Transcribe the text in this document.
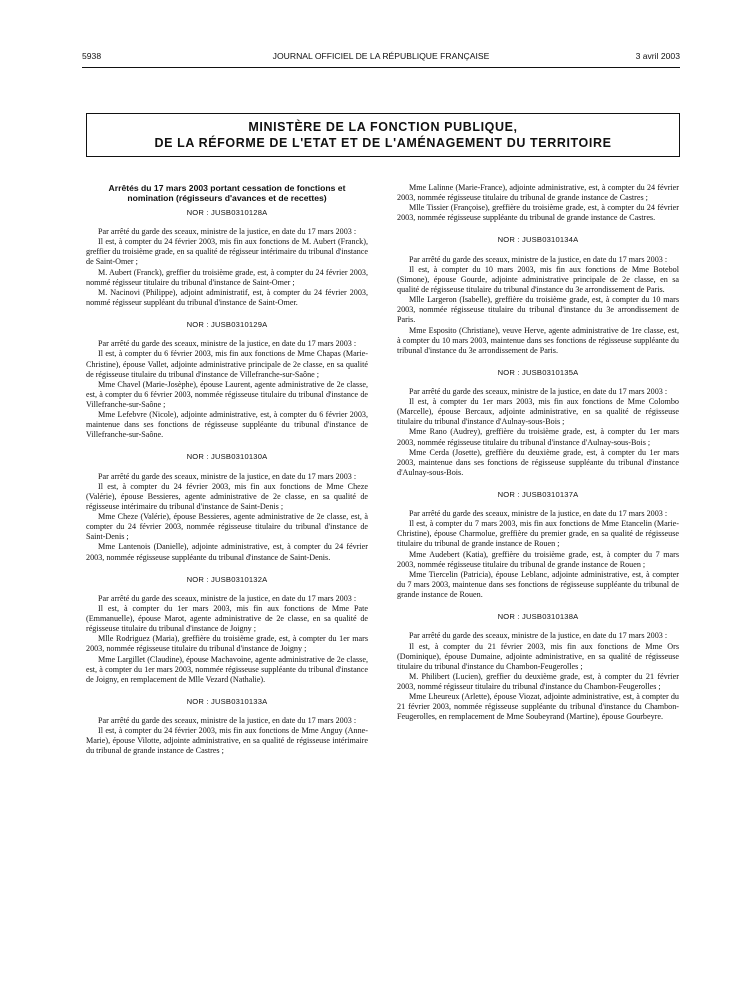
5938	JOURNAL OFFICIEL DE LA RÉPUBLIQUE FRANÇAISE	3 avril 2003
MINISTÈRE DE LA FONCTION PUBLIQUE,
DE LA RÉFORME DE L'ETAT ET DE L'AMÉNAGEMENT DU TERRITOIRE
Arrêtés du 17 mars 2003 portant cessation de fonctions et nomination (régisseurs d'avances et de recettes)
NOR : JUSB0310128A

Par arrêté du garde des sceaux, ministre de la justice, en date du 17 mars 2003 :

Il est, à compter du 24 février 2003, mis fin aux fonctions de M. Aubert (Franck), greffier du troisième grade, en sa qualité de régisseur intérimaire du tribunal d'instance de Saint-Omer ;

M. Aubert (Franck), greffier du troisième grade, est, à compter du 24 février 2003, nommé régisseur titulaire du tribunal d'instance de Saint-Omer ;

M. Nacinovi (Philippe), adjoint administratif, est, à compter du 24 février 2003, nommé régisseur suppléant du tribunal d'instance de Saint-Omer.

NOR : JUSB0310129A

Par arrêté du garde des sceaux, ministre de la justice, en date du 17 mars 2003 :

Il est, à compter du 6 février 2003, mis fin aux fonctions de Mme Chapas (Marie-Christine), épouse Vallet, adjointe administrative principale de 2e classe, en sa qualité de régisseuse titulaire du tribunal d'instance de Villefranche-sur-Saône ;

Mme Chavel (Marie-Josèphe), épouse Laurent, agente administrative de 2e classe, est, à compter du 6 février 2003, nommée régisseuse titulaire du tribunal d'instance de Villefranche-sur-Saône ;

Mme Lefebvre (Nicole), adjointe administrative, est, à compter du 6 février 2003, maintenue dans ses fonctions de régisseuse suppléante du tribunal d'instance de Villefranche-sur-Saône.

NOR : JUSB0310130A

Par arrêté du garde des sceaux, ministre de la justice, en date du 17 mars 2003 :

Il est, à compter du 24 février 2003, mis fin aux fonctions de Mme Cheze (Valérie), épouse Bessieres, agente administrative de 2e classe, en sa qualité de régisseuse intérimaire du tribunal d'instance de Saint-Denis ;

Mme Cheze (Valérie), épouse Bessieres, agente administrative de 2e classe, est, à compter du 24 février 2003, nommée régisseuse titulaire du tribunal d'instance de Saint-Denis ;

Mme Lantenois (Danielle), adjointe administrative, est, à compter du 24 février 2003, nommée régisseuse suppléante du tribunal d'instance de Saint-Denis.

NOR : JUSB0310132A

Par arrêté du garde des sceaux, ministre de la justice, en date du 17 mars 2003 :

Il est, à compter du 1er mars 2003, mis fin aux fonctions de Mme Pate (Emmanuelle), épouse Marot, agente administrative de 2e classe, en sa qualité de régisseuse titulaire du tribunal d'instance de Joigny ;

Mlle Rodriguez (Maria), greffière du troisième grade, est, à compter du 1er mars 2003, nommée régisseuse titulaire du tribunal d'instance de Joigny ;

Mme Largillet (Claudine), épouse Machavoine, agente administrative de 2e classe, est, à compter du 1er mars 2003, nommée régisseuse suppléante du tribunal d'instance de Joigny, en remplacement de Mlle Vezard (Nathalie).

NOR : JUSB0310133A

Par arrêté du garde des sceaux, ministre de la justice, en date du 17 mars 2003 :

Il est, à compter du 24 février 2003, mis fin aux fonctions de Mme Anguy (Anne-Marie), épouse Vilotte, adjointe administrative, en sa qualité de régisseuse intérimaire du tribunal de grande instance de Castres ;

Mme Lalinne (Marie-France), adjointe administrative, est, à compter du 24 février 2003, nommée régisseuse titulaire du tribunal de grande instance de Castres ;

Mlle Tissier (Françoise), greffière du troisième grade, est, à compter du 24 février 2003, nommée régisseuse suppléante du tribunal de grande instance de Castres.

NOR : JUSB0310134A

Par arrêté du garde des sceaux, ministre de la justice, en date du 17 mars 2003 :

Il est, à compter du 10 mars 2003, mis fin aux fonctions de Mme Botebol (Simone), épouse Gourde, adjointe administrative principale de 2e classe, en sa qualité de régisseuse titulaire du tribunal d'instance du 3e arrondissement de Paris.

Mlle Largeron (Isabelle), greffière du troisième grade, est, à compter du 10 mars 2003, nommée régisseuse titulaire du tribunal d'instance du 3e arrondissement de Paris.

Mme Esposito (Christiane), veuve Herve, agente administrative de 1re classe, est, à compter du 10 mars 2003, maintenue dans ses fonctions de régisseuse suppléante du tribunal d'instance du 3e arrondissement de Paris.

NOR : JUSB0310135A

Par arrêté du garde des sceaux, ministre de la justice, en date du 17 mars 2003 :

Il est, à compter du 1er mars 2003, mis fin aux fonctions de Mme Colombo (Marcelle), épouse Bercaux, adjointe administrative, en sa qualité de régisseuse titulaire du tribunal d'instance d'Aulnay-sous-Bois ;

Mme Rano (Audrey), greffière du troisième grade, est, à compter du 1er mars 2003, nommée régisseuse titulaire du tribunal d'instance d'Aulnay-sous-Bois ;

Mme Cerda (Josette), greffière du deuxième grade, est, à compter du 1er mars 2003, maintenue dans ses fonctions de régisseuse suppléante du tribunal d'instance d'Aulnay-sous-Bois.

NOR : JUSB0310137A

Par arrêté du garde des sceaux, ministre de la justice, en date du 17 mars 2003 :

Il est, à compter du 7 mars 2003, mis fin aux fonctions de Mme Etancelin (Marie-Christine), épouse Charmolue, greffière du premier grade, en sa qualité de régisseuse titulaire du tribunal de grande instance de Rouen ;

Mme Audebert (Katia), greffière du troisième grade, est, à compter du 7 mars 2003, nommée régisseuse titulaire du tribunal de grande instance de Rouen ;

Mme Tiercelin (Patricia), épouse Leblanc, adjointe administrative, est, à compter du 7 mars 2003, maintenue dans ses fonctions de régisseuse suppléante du tribunal de grande instance de Rouen.

NOR : JUSB0310138A

Par arrêté du garde des sceaux, ministre de la justice, en date du 17 mars 2003 :

Il est, à compter du 21 février 2003, mis fin aux fonctions de Mme Ors (Dominique), épouse Dumaine, adjointe administrative, en sa qualité de régisseuse titulaire du tribunal d'instance du Chambon-Feugerolles ;

M. Philibert (Lucien), greffier du deuxième grade, est, à compter du 21 février 2003, nommé régisseur titulaire du tribunal d'instance du Chambon-Feugerolles ;

Mme Lheureux (Arlette), épouse Viozat, adjointe administrative, est, à compter du 21 février 2003, nommée régisseuse suppléante du tribunal d'instance du Chambon-Feugerolles, en remplacement de Mme Soubeyrand (Martine), épouse Gourbeyre.
